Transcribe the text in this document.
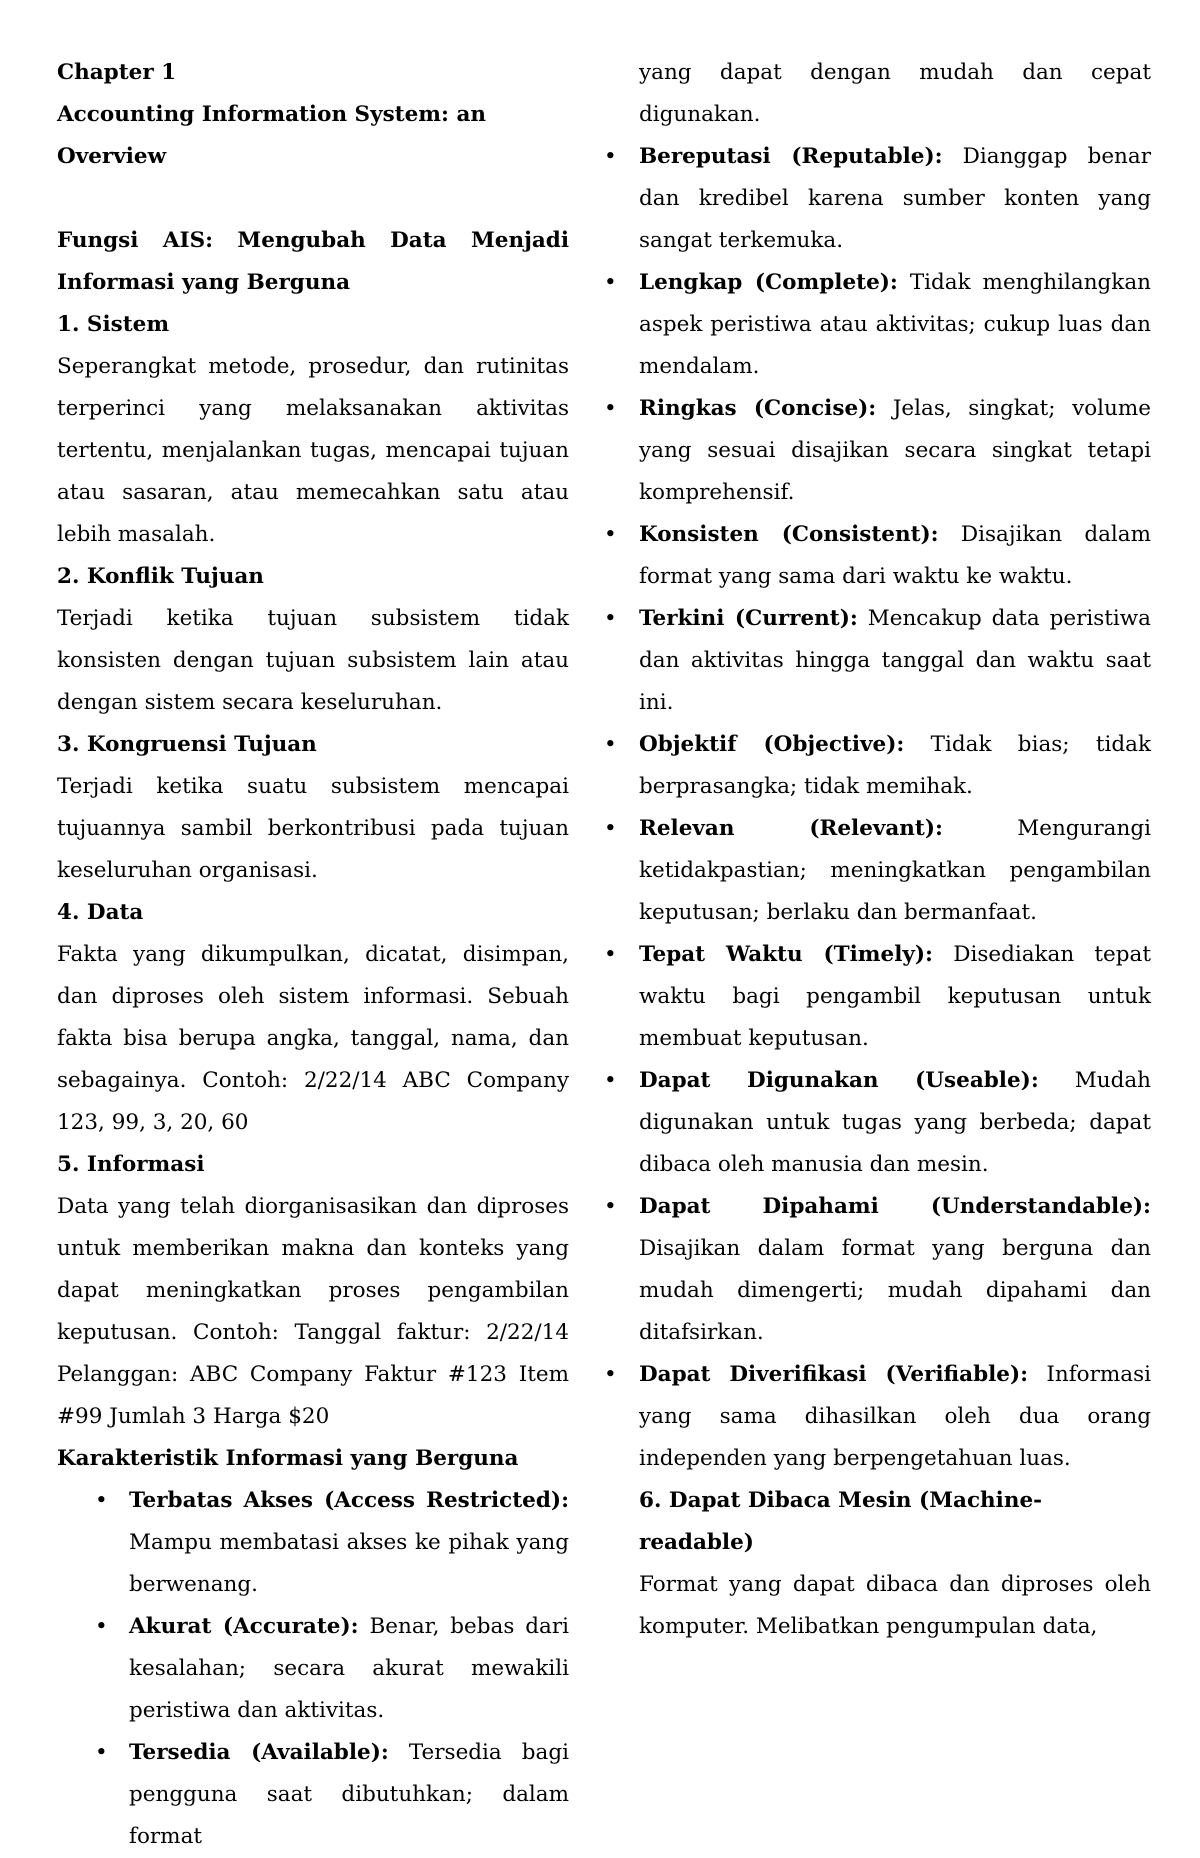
Chapter 1
Accounting Information System: an Overview

Fungsi AIS: Mengubah Data Menjadi Informasi yang Berguna

1. Sistem

Seperangkat metode, prosedur, dan rutinitas terperinci yang melaksanakan aktivitas tertentu, menjalankan tugas, mencapai tujuan atau sasaran, atau memecahkan satu atau lebih masalah.

2. Konflik Tujuan

Terjadi ketika tujuan subsistem tidak konsisten dengan tujuan subsistem lain atau dengan sistem secara keseluruhan.

3. Kongruensi Tujuan

Terjadi ketika suatu subsistem mencapai tujuannya sambil berkontribusi pada tujuan keseluruhan organisasi.

4. Data

Fakta yang dikumpulkan, dicatat, disimpan, dan diproses oleh sistem informasi. Sebuah fakta bisa berupa angka, tanggal, nama, dan sebagainya. Contoh: 2/22/14 ABC Company 123, 99, 3, 20, 60

5. Informasi

Data yang telah diorganisasikan dan diproses untuk memberikan makna dan konteks yang dapat meningkatkan proses pengambilan keputusan. Contoh: Tanggal faktur: 2/22/14 Pelanggan: ABC Company Faktur #123 Item #99 Jumlah 3 Harga $20

Karakteristik Informasi yang Berguna
• Terbatas Akses (Access Restricted): Mampu membatasi akses ke pihak yang berwenang.
• Akurat (Accurate): Benar, bebas dari kesalahan; secara akurat mewakili peristiwa dan aktivitas.
• Tersedia (Available): Tersedia bagi pengguna saat dibutuhkan; dalam format
yang dapat dengan mudah dan cepat digunakan.
• Bereputasi (Reputable): Dianggap benar dan kredibel karena sumber konten yang sangat terkemuka.
• Lengkap (Complete): Tidak menghilangkan aspek peristiwa atau aktivitas; cukup luas dan mendalam.
• Ringkas (Concise): Jelas, singkat; volume yang sesuai disajikan secara singkat tetapi komprehensif.
• Konsisten (Consistent): Disajikan dalam format yang sama dari waktu ke waktu.
• Terkini (Current): Mencakup data peristiwa dan aktivitas hingga tanggal dan waktu saat ini.
• Objektif (Objective): Tidak bias; tidak berprasangka; tidak memihak.
• Relevan (Relevant):	Mengurangi ketidakpastian; meningkatkan pengambilan keputusan; berlaku dan bermanfaat.
• Tepat Waktu (Timely): Disediakan tepat waktu bagi pengambil keputusan untuk membuat keputusan.
• Dapat Digunakan (Useable): Mudah digunakan untuk tugas yang berbeda; dapat dibaca oleh manusia dan mesin.
• Dapat Dipahami (Understandable): Disajikan dalam format yang berguna dan mudah dimengerti; mudah dipahami dan ditafsirkan.
• Dapat Diverifikasi (Verifiable): Informasi yang sama dihasilkan oleh dua orang independen yang berpengetahuan luas.
6. Dapat Dibaca Mesin (Machine-readable)

Format yang dapat dibaca dan diproses oleh komputer. Melibatkan pengumpulan data,
